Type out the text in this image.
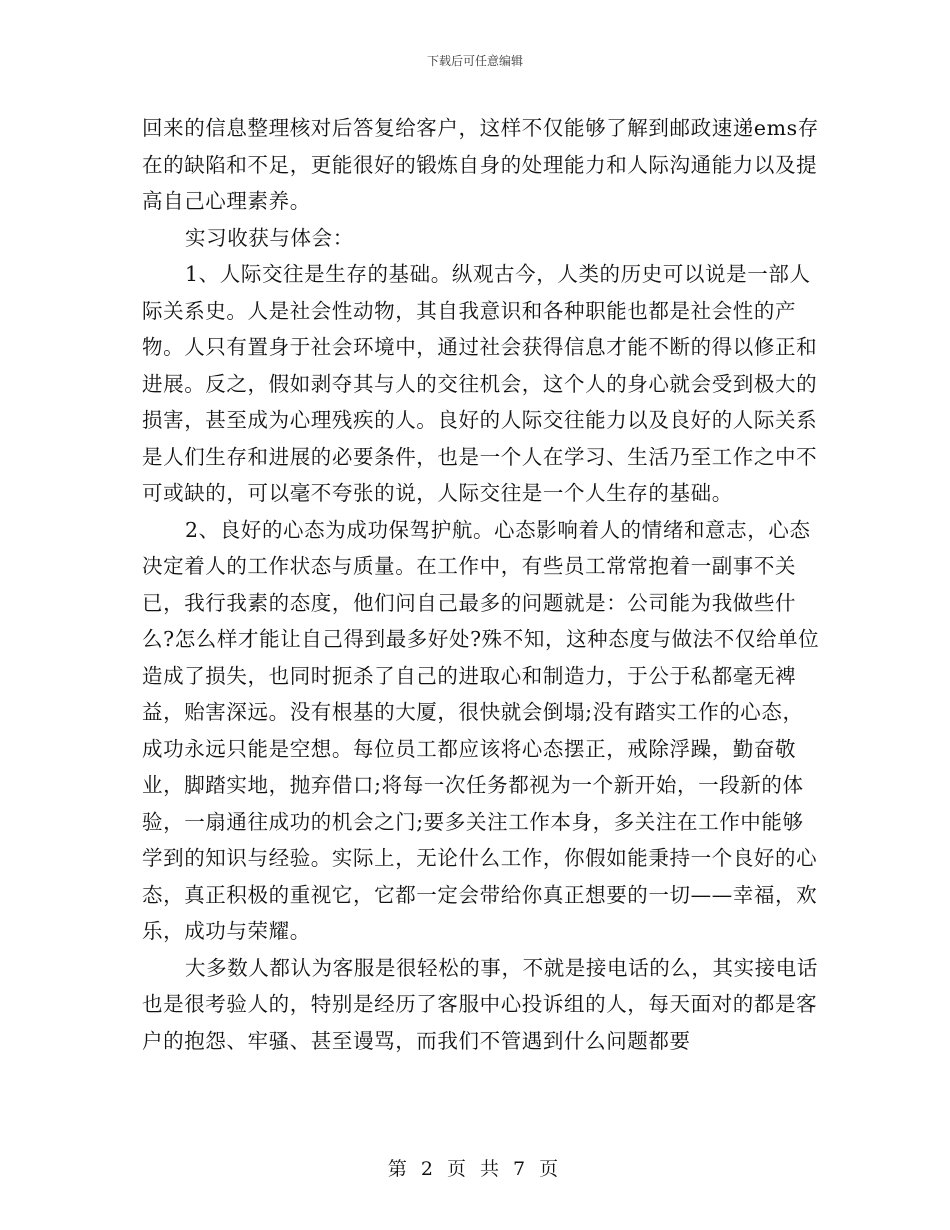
下载后可任意编辑

回来的信息整理核对后答复给客户，这样不仅能够了解到邮政速递ems存在的缺陷和不足，更能很好的锻炼自身的处理能力和人际沟通能力以及提高自己心理素养。

实习收获与体会：

1、人际交往是生存的基础。纵观古今，人类的历史可以说是一部人际关系史。人是社会性动物，其自我意识和各种职能也都是社会性的产物。人只有置身于社会环境中，通过社会获得信息才能不断的得以修正和进展。反之，假如剥夺其与人的交往机会，这个人的身心就会受到极大的损害，甚至成为心理残疾的人。良好的人际交往能力以及良好的人际关系是人们生存和进展的必要条件，也是一个人在学习、生活乃至工作之中不可或缺的，可以毫不夸张的说，人际交往是一个人生存的基础。

2、良好的心态为成功保驾护航。心态影响着人的情绪和意志，心态决定着人的工作状态与质量。在工作中，有些员工常常抱着一副事不关已，我行我素的态度，他们问自己最多的问题就是：公司能为我做些什么?怎么样才能让自己得到最多好处?殊不知，这种态度与做法不仅给单位造成了损失，也同时扼杀了自己的进取心和制造力，于公于私都毫无裨益，贻害深远。没有根基的大厦，很快就会倒塌;没有踏实工作的心态，成功永远只能是空想。每位员工都应该将心态摆正，戒除浮躁，勤奋敬业，脚踏实地，抛弃借口;将每一次任务都视为一个新开始，一段新的体验，一扇通往成功的机会之门;要多关注工作本身，多关注在工作中能够学到的知识与经验。实际上，无论什么工作，你假如能秉持一个良好的心态，真正积极的重视它，它都一定会带给你真正想要的一切——幸福，欢乐，成功与荣耀。

大多数人都认为客服是很轻松的事，不就是接电话的么，其实接电话也是很考验人的，特别是经历了客服中心投诉组的人，每天面对的都是客户的抱怨、牢骚、甚至谩骂，而我们不管遇到什么问题都要

第 2 页 共 7 页
